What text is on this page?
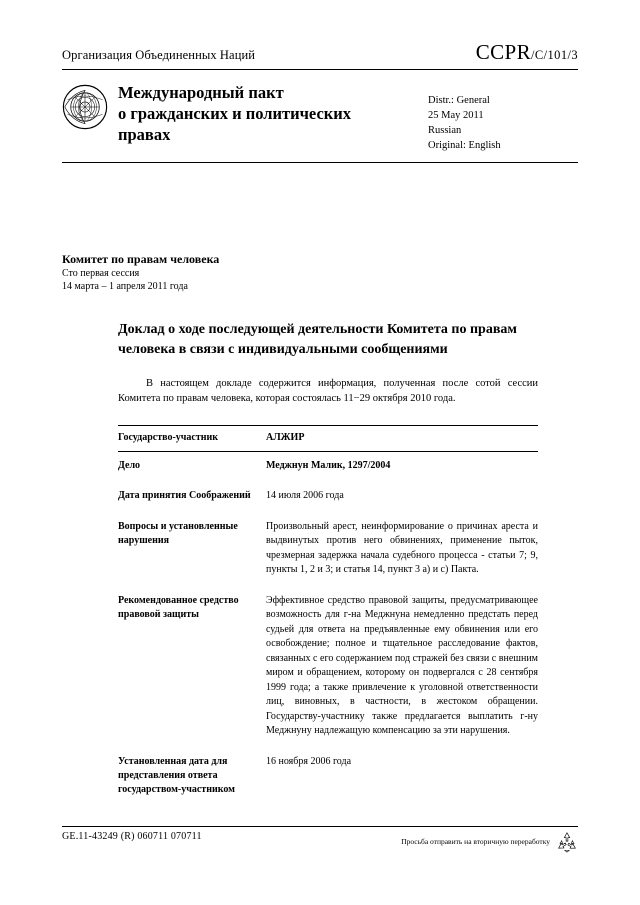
Организация Объединенных Наций	CCPR/C/101/3
Международный пакт
о гражданских и политических
правах
Distr.: General
25 May 2011
Russian
Original: English
Комитет по правам человека
Сто первая сессия
14 марта – 1 апреля 2011 года
Доклад о ходе последующей деятельности Комитета по правам человека в связи с индивидуальными сообщениями
В настоящем докладе содержится информация, полученная после сотой сессии Комитета по правам человека, которая состоялась 11−29 октября 2010 года.
Государство-участник	АЛЖИР
Дело	Меджнун Малик, 1297/2004
Дата принятия Соображений	14 июля 2006 года
Вопросы и установленные нарушения	Произвольный арест, неинформирование о причинах ареста и выдвинутых против него обвинениях, применение пыток, чрезмерная задержка начала судебного процесса - статьи 7; 9, пункты 1, 2 и 3; и статья 14, пункт 3 а) и с) Пакта.
Рекомендованное средство правовой защиты	Эффективное средство правовой защиты, предусматривающее возможность для г-на Меджнуна немедленно предстать перед судьей для ответа на предъявленные ему обвинения или его освобождение; полное и тщательное расследование фактов, связанных с его содержанием под стражей без связи с внешним миром и обращением, которому он подвергался с 28 сентября 1999 года; а также привлечение к уголовной ответственности лиц, виновных, в частности, в жестоком обращении. Государству-участнику также предлагается выплатить г-ну Меджнуну надлежащую компенсацию за эти нарушения.
Установленная дата для представления ответа государством-участником	16 ноября 2006 года
GE.11-43249 (R) 060711 070711	Просьба отправить на вторичную переработку
